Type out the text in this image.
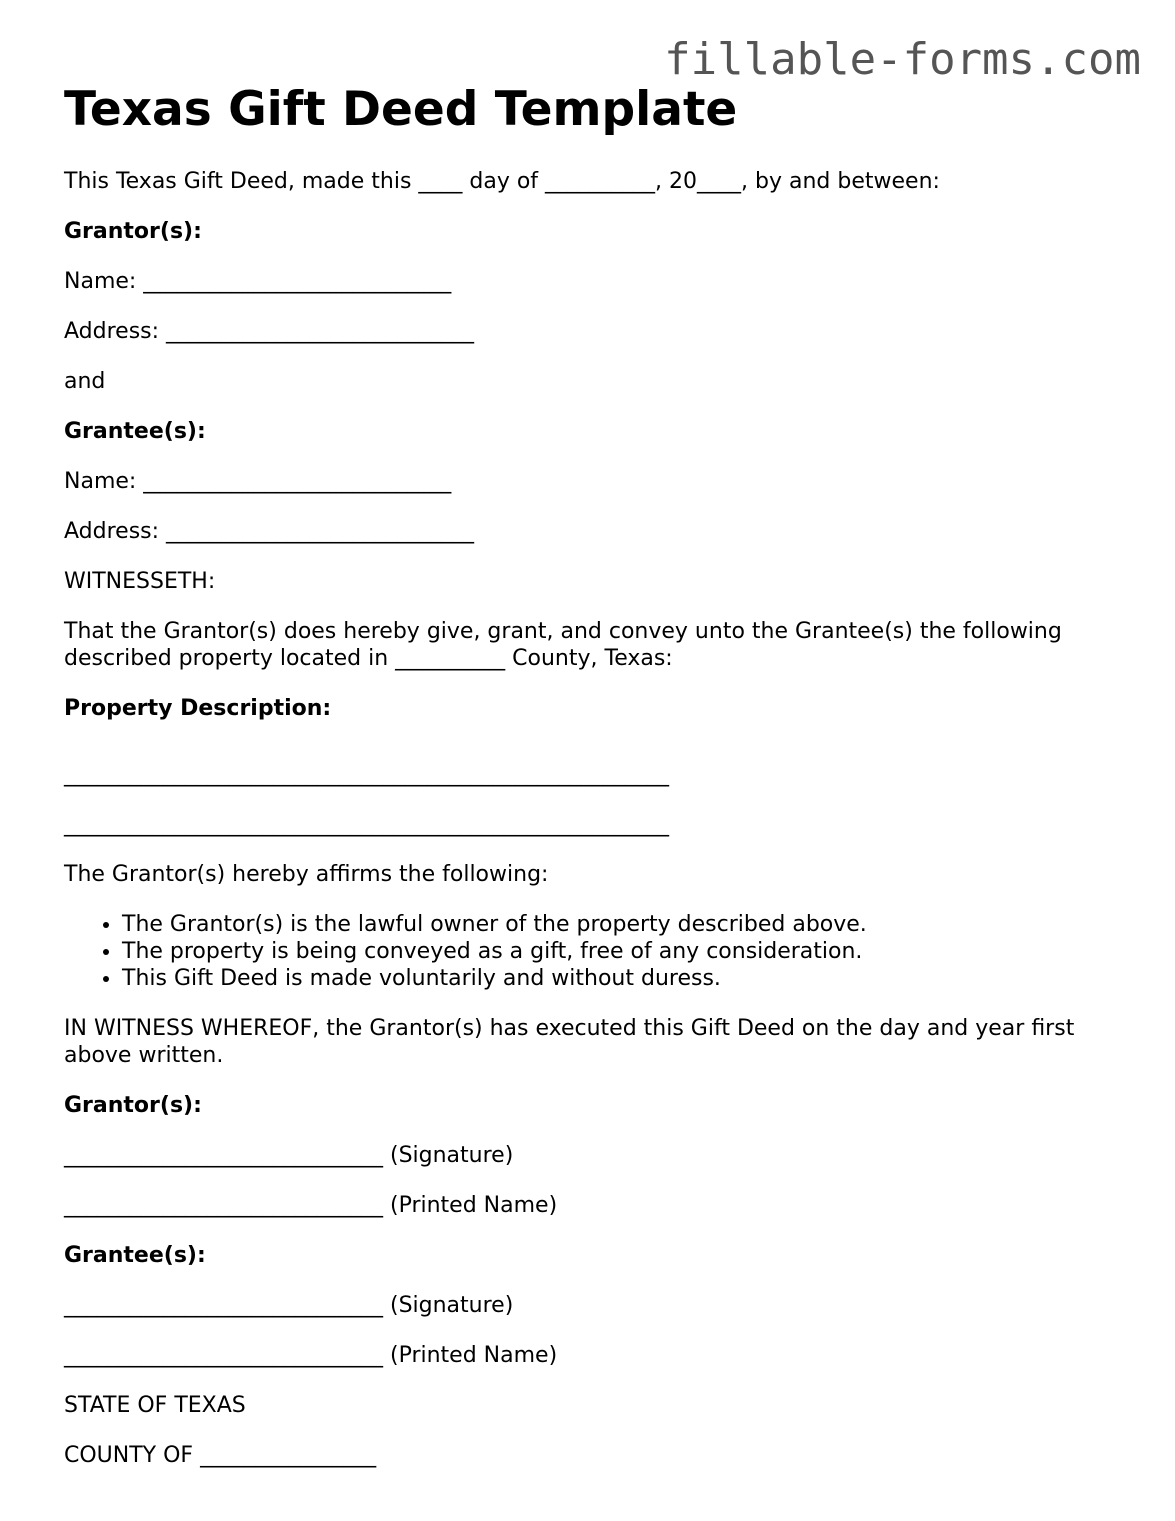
fillable-forms.com

Texas Gift Deed Template

This Texas Gift Deed, made this ____ day of __________, 20____, by and between:

Grantor(s):

Name: ____________________________

Address: ____________________________

and

Grantee(s):

Name: ____________________________

Address: ____________________________

WITNESSETH:

That the Grantor(s) does hereby give, grant, and convey unto the Grantee(s) the following described property located in __________ County, Texas:

Property Description:

_______________________________________________________

_______________________________________________________

The Grantor(s) hereby affirms the following:

• The Grantor(s) is the lawful owner of the property described above.
• The property is being conveyed as a gift, free of any consideration.
• This Gift Deed is made voluntarily and without duress.

IN WITNESS WHEREOF, the Grantor(s) has executed this Gift Deed on the day and year first above written.

Grantor(s):

_____________________________ (Signature)

_____________________________ (Printed Name)

Grantee(s):

_____________________________ (Signature)

_____________________________ (Printed Name)

STATE OF TEXAS

COUNTY OF ________________
